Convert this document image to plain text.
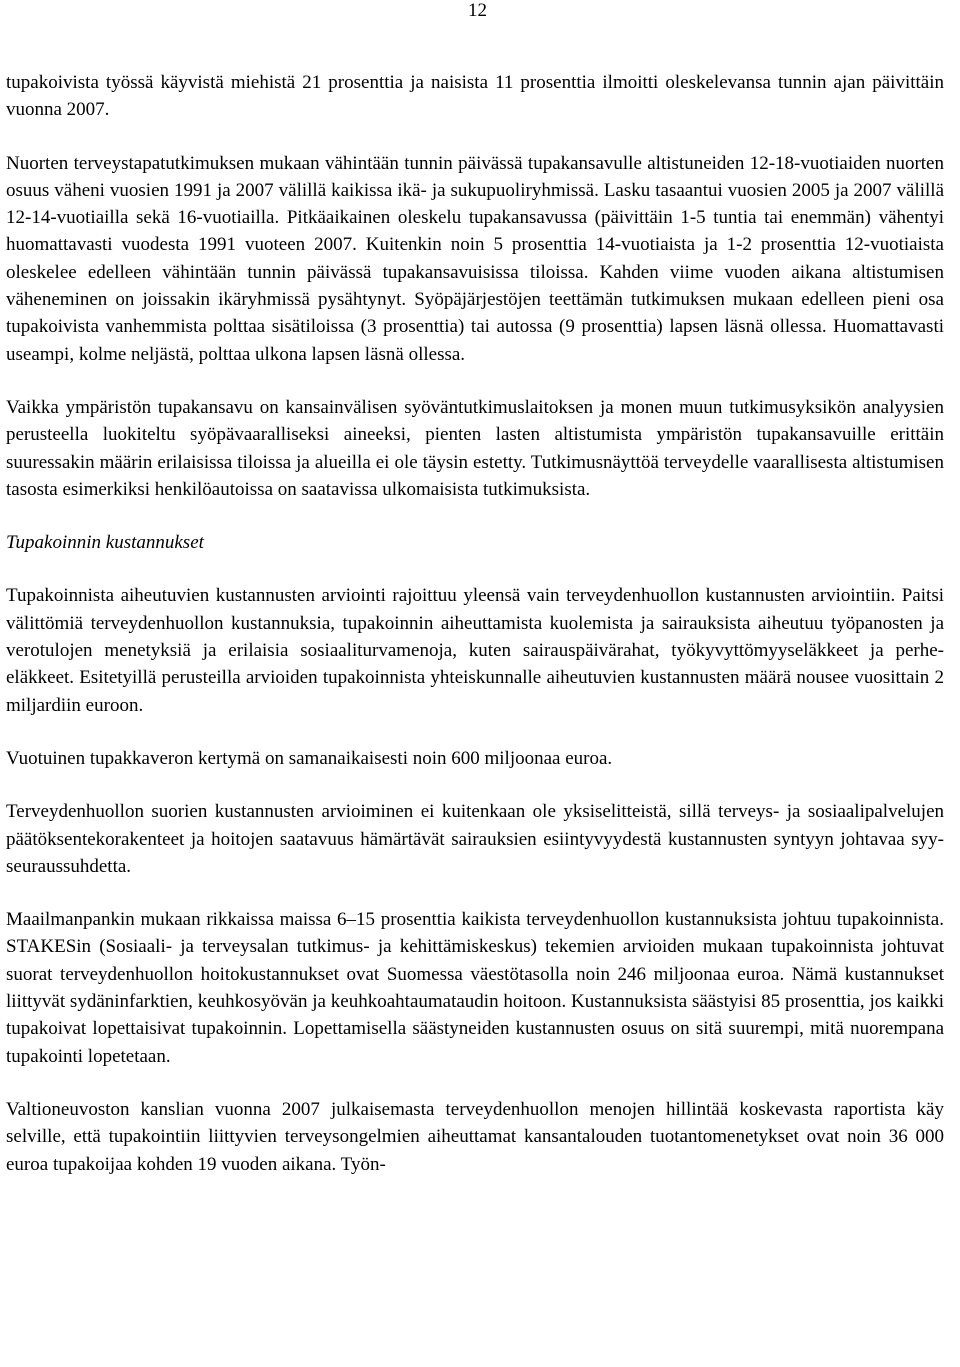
12

tupakoivista työssä käyvistä miehistä 21 prosenttia ja naisista 11 prosenttia ilmoitti oleskelevansa tunnin ajan päivittäin vuonna 2007.

Nuorten terveystapatutkimuksen mukaan vähintään tunnin päivässä tupakansavulle altistuneiden 12-18-vuotiaiden nuorten osuus väheni vuosien 1991 ja 2007 välillä kaikissa ikä- ja sukupuoliryhmissä. Lasku tasaantui vuosien 2005 ja 2007 välillä 12-14-vuotiailla sekä 16-vuotiailla. Pitkäaikainen oleskelu tupakansavussa (päivittäin 1-5 tuntia tai enemmän) vähentyi huomattavasti vuodesta 1991 vuoteen 2007. Kuitenkin noin 5 prosenttia 14-vuotiaista ja 1-2 prosenttia 12-vuotiaista oleskelee edelleen vähintään tunnin päivässä tupakansavuisissa tiloissa. Kahden viime vuoden aikana altistumisen väheneminen on joissakin ikäryhmissä pysähtynyt. Syöpäjärjestöjen teettämän tutkimuksen mukaan edelleen pieni osa tupakoivista vanhemmista polttaa sisätiloissa (3 prosenttia) tai autossa (9 prosenttia) lapsen läsnä ollessa. Huomattavasti useampi, kolme neljästä, polttaa ulkona lapsen läsnä ollessa.

Vaikka ympäristön tupakansavu on kansainvälisen syöväntutkimuslaitoksen ja monen muun tutkimusyksikön analyysien perusteella luokiteltu syöpävaaralliseksi aineeksi, pienten lasten altistumista ympäristön tupakansavuille erittäin suuressakin määrin erilaisissa tiloissa ja alueilla ei ole täysin estetty. Tutkimusnäyttöä terveydelle vaarallisesta altistumisen tasosta esimerkiksi henkilöautoissa on saatavissa ulkomaisista tutkimuksista.

Tupakoinnin kustannukset

Tupakoinnista aiheutuvien kustannusten arviointi rajoittuu yleensä vain terveydenhuollon kustannusten arviointiin. Paitsi välittömiä terveydenhuollon kustannuksia, tupakoinnin aiheuttamista kuolemista ja sairauksista aiheutuu työpanosten ja verotulojen menetyksiä ja erilaisia sosiaaliturvamenoja, kuten sairauspäivärahat, työkyvyttömyyseläkkeet ja perhe-eläkkeet. Esitetyillä perusteilla arvioiden tupakoinnista yhteiskunnalle aiheutuvien kustannusten määrä nousee vuosittain 2 miljardiin euroon.

Vuotuinen tupakkaveron kertymä on samanaikaisesti noin 600 miljoonaa euroa.

Terveydenhuollon suorien kustannusten arvioiminen ei kuitenkaan ole yksiselitteistä, sillä terveys- ja sosiaalipalvelujen päätöksentekorakenteet ja hoitojen saatavuus hämärtävät sairauksien esiintyvyydestä kustannusten syntyyn johtavaa syy-seuraussuhdetta.

Maailmanpankin mukaan rikkaissa maissa 6–15 prosenttia kaikista terveydenhuollon kustannuksista johtuu tupakoinnista. STAKESin (Sosiaali- ja terveysalan tutkimus- ja kehittämiskeskus) tekemien arvioiden mukaan tupakoinnista johtuvat suorat terveydenhuollon hoitokustannukset ovat Suomessa väestötasolla noin 246 miljoonaa euroa. Nämä kustannukset liittyvät sydäninfarktien, keuhkosyövän ja keuhkoahtaumataudin hoitoon. Kustannuksista säästyisi 85 prosenttia, jos kaikki tupakoivat lopettaisivat tupakoinnin. Lopettamisella säästyneiden kustannusten osuus on sitä suurempi, mitä nuorempana tupakointi lopetetaan.

Valtioneuvoston kanslian vuonna 2007 julkaisemasta terveydenhuollon menojen hillintää koskevasta raportista käy selville, että tupakointiin liittyvien terveysongelmien aiheuttamat kansantalouden tuotantomenetykset ovat noin 36 000 euroa tupakoijaa kohden 19 vuoden aikana. Työn-
